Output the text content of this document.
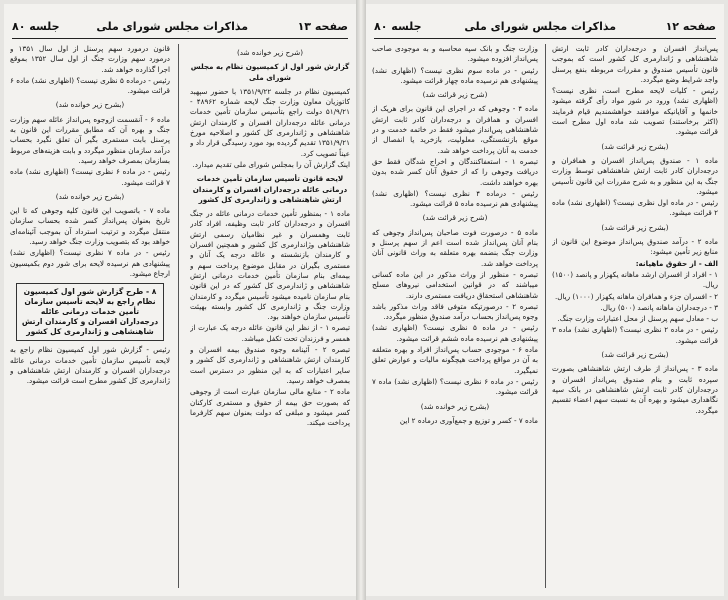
صفحه ۱۳
مذاکرات مجلس شورای ملی
جلسه ۸۰

(شرح زیر خوانده شد)

گزارش شور اول از کمیسیون نظام به مجلس شورای ملی

کمیسیون نظام در جلسه ۱۳۵۱/۹/۲۲ با حضور سپهبد کاتوزیان معاون وزارت جنگ لایحه شماره ۴۸۹۶۲ - ۵۱/۹/۲۱ دولت راجع بتأسیس سازمان تأمین خدمات درمانی عائله درجه‌داران افسران و کارمندان ارتش شاهنشاهی و ژاندارمری کل کشور و اصلاحیه مورخ ۱۳۵۱/۹/۲۱ تقدیم گردیده بود مورد رسیدگی قرار داد و عیناً تصویب کرد.

اینک گزارش آن را بمجلس شورای ملی تقدیم میدارد.

لایحه قانون تأسیس سازمان تأمین خدمات درمانی عائله درجه‌داران افسران و کارمندان ارتش شاهنشاهی و ژاندارمری کل کشور

ماده ۱ - بمنظور تأمین خدمات درمانی عائله در جنگ افسران و درجه‌داران کادر ثابت وظیفه، افراد کادر ثابت وهمسران و غیر نظامیان رسمی ارتش شاهنشاهی وژاندارمری کل کشور و همچنین افسران و کارمندان بازنشسته و عائله درجه یک آنان و مستمری بگیران در مقابل موضوع پرداخت سهم و بیمه‌ای بنام سازمان تأمین خدمات درمانی ارتش شاهنشاهی و ژاندارمری کل کشور که در این قانون بنام سازمان نامیده میشود تأسیس میگردد و کارمندان وزارت جنگ و ژاندارمری کل کشور وابسته بهیئت تأسیس سازمان خواهند بود.

تبصره ۱ - از نظر این قانون عائله درجه یک عبارت از همسر و فرزندان تحت تکفل میباشد.

تبصره ۲ - آئینامه وجوه صندوق بیمه افسران و کارمندان ارتش شاهنشاهی و ژاندارمری کل کشور و سایر اعتبارات که به این منظور در دسترس است بمصرف خواهد رسید.

ماده ۲ - منابع مالی سازمان عبارت است از وجوهی که بصورت حق بیمه از حقوق و مستمری کارکنان کسر میشود و مبلغی که دولت بعنوان سهم کارفرما پرداخت میکند.

قانون درمورد سهم پرسنل از اول سال ۱۳۵۱ و درمورد سهم وزارت جنگ از اول سال ۱۳۵۲ بموقع اجرا گذارده خواهد شد.

رئیس - درماده ۵ نظری نیست؟ (اظهاری نشد) ماده ۶ قرائت میشود.

(بشرح زیر خوانده شد)

ماده ۶ - آنقسمت ازوجوه پس‌انداز عائله سهم وزارت جنگ و بهره آن که مطابق مقررات این قانون به پرسنل بابت مستمری بگیر آن تعلق نگیرد بحساب درآمد سازمان منظور میگردد و بابت هزینه‌های مربوط بسازمان بمصرف خواهد رسید.

رئیس - در ماده ۶ نظری نیست؟ (اظهاری نشد) ماده ۷ قرائت میشود.

(بشرح زیر خوانده شد)

ماده ۷ - باتصویب این قانون کلیه وجوهی که تا این تاریخ بعنوان پس‌انداز کسر شده بحساب سازمان منتقل میگردد و ترتیب استرداد آن بموجب آئینامه‌ای خواهد بود که بتصویب وزارت جنگ خواهد رسید.

رئیس - در ماده ۷ نظری نیست؟ (اظهاری نشد) پیشنهادی هم نرسیده لایحه برای شور دوم بکمیسیون ارجاع میشود.

۸ - طرح گزارش شور اول کمیسیون نظام راجع به لایحه تأسیس سازمان تأمین خدمات درمانی عائله درجه‌داران افسران و کارمندان ارتش شاهنشاهی و ژاندارمری کل کشور

رئیس - گزارش شور اول کمیسیون نظام راجع به لایحه تأسیس سازمان تأمین خدمات درمانی عائله درجه‌داران افسران و کارمندان ارتش شاهنشاهی و ژاندارمری کل کشور مطرح است قرائت میشود.

صفحه ۱۲
مذاکرات مجلس شورای ملی
جلسه ۸۰

پس‌انداز افسران و درجه‌داران کادر ثابت ارتش شاهنشاهی و ژاندارمری کل کشور است که بموجب قانون تأسیس صندوق و مقررات مربوطه بنفع پرسنل واجد شرایط وضع میگردد.

رئیس - کلیات لایحه مطرح است، نظری نیست؟ (اظهاری نشد) ورود در شور مواد رأی گرفته میشود خانمها و آقایانیکه موافقند خواهشمندیم قیام فرمایند (اکثر برخاستند) تصویب شد ماده اول مطرح است قرائت میشود.

(بشرح زیر قرائت شد)

ماده ۱ - صندوق پس‌انداز افسران و همافران و درجه‌داران کادر ثابت ارتش شاهنشاهی توسط وزارت جنگ به این منظور و به شرح مقررات این قانون تأسیس میشود.

رئیس - در ماده اول نظری نیست؟ (اظهاری نشد) ماده ۲ قرائت میشود.

(بشرح زیر قرائت شد)

ماده ۲ - درآمد صندوق پس‌انداز موضوع این قانون از منابع زیر تأمین میشود:

الف - از حقوق ماهیانه:

۱ - افراد از افسران ارشد ماهانه یکهزار و پانصد (۱۵۰۰) ریال.

۲ - افسران جزء و همافران ماهانه یکهزار (۱۰۰۰) ریال.

۳ - درجه‌داران ماهانه پانصد (۵۰۰) ریال.

ب - معادل سهم پرسنل از محل اعتبارات وزارت جنگ.

رئیس - در ماده ۲ نظری نیست؟ (اظهاری نشد) ماده ۳ قرائت میشود.

(بشرح زیر قرائت شد)

ماده ۳ - پس‌انداز از طرف ارتش شاهنشاهی بصورت سپرده ثابت و بنام صندوق پس‌انداز افسران و درجه‌داران کادر ثابت ارتش شاهنشاهی در بانک سپه نگاهداری میشود و بهره آن به نسبت سهم اعضاء تقسیم میگردد.

وزارت جنگ و بانک سپه محاسبه و به موجودی صاحب پس‌انداز افزوده میشود.

رئیس - در ماده سوم نظری نیست؟ (اظهاری نشد) پیشنهادی هم نرسیده ماده چهار قرائت میشود.

(شرح زیر قرائت شد)

ماده ۴ - وجوهی که در اجرای این قانون برای هریک از افسران و همافران و درجه‌داران کادر ثابت ارتش شاهنشاهی پس‌انداز میشود فقط در خاتمه خدمت و در موقع بازنشستگی، معلولیت، بازخرید یا انفصال از خدمت به آنان پرداخت خواهد شد.

تبصره ۱ - استعفا‌کنندگان و اخراج شدگان فقط حق دریافت وجوهی را که از حقوق آنان کسر شده بدون بهره خواهند داشت.

رئیس - درماده ۴ نظری نیست؟ (اظهاری نشد) پیشنهادی هم نرسیده ماده ۵ قرائت میشود.

(شرح زیر قرائت شد)

ماده ۵ - درصورت فوت صاحبان پس‌انداز وجوهی که بنام آنان پس‌انداز شده است اعم از سهم پرسنل و وزارت جنگ بنضمه بهره متعلقه به وراث قانونی آنان پرداخت خواهد شد.

تبصره - منظور از وراث مذکور در این ماده کسانی میباشند که در قوانین استخدامی نیروهای مسلح شاهنشاهی استحقاق دریافت مستمری دارند.

تبصره ۲ - درصورتیکه متوفی فاقد وراث مذکور باشد وجوه پس‌انداز بحساب درآمد صندوق منظور میگردد.

رئیس - در ماده ۵ نظری نیست؟ (اظهاری نشد) پیشنهادی هم نرسیده ماده ششم قرائت میشود.

ماده ۶ - موجودی حساب پس‌انداز افراد و بهره متعلقه به آن در مواقع پرداخت هیچگونه مالیات و عوارض تعلق نمیگیرد.

رئیس - در ماده ۶ نظری نیست؟ (اظهاری نشد) ماده ۷ قرائت میشود.

(بشرح زیر خوانده شد)

ماده ۷ - کسر و توزیع و جمع‌آوری درماده ۲ این
